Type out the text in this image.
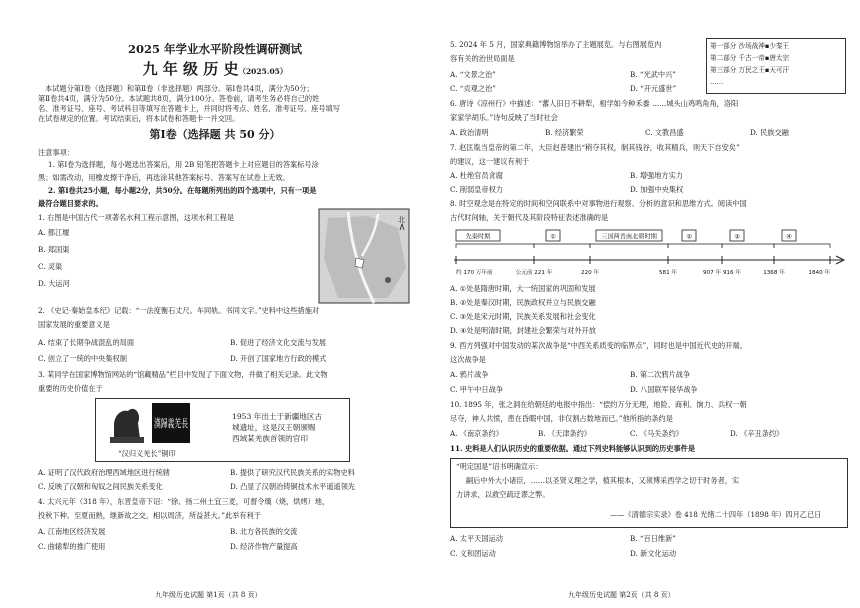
2025 年学业水平阶段性调研测试
九 年 级 历 史（2025.05）
本试题分第Ⅰ卷（选择题）和第Ⅱ卷（非选择题）两部分。第Ⅰ卷共4页，满分为50分；
第Ⅱ卷共4页，满分为50分。本试题共8页，满分100分。答卷前，请考生务必将自己的姓
名、准考证号、座号、考试科目等填写在答题卡上，并同时将考点、姓名、准考证号、座号填写
在试卷规定的位置。考试结束后，将本试卷和答题卡一并交回。
第Ⅰ卷（选择题 共 50 分）
注意事项：
1. 第Ⅰ卷为选择题，每小题选出答案后，用 2B 铅笔把答题卡上对应题目的答案标号涂
黑；如需改动，用橡皮擦干净后，再选涂其他答案标号。答案写在试卷上无效。
2. 第Ⅰ卷共25小题，每小题2分，共50分。在每题所列出的四个选项中，只有一项是
最符合题目要求的。
1. 右图是中国古代一项著名水利工程示意图，这项水利工程是
A. 都江堰
B. 郑国渠
C. 灵渠
D. 大运河
北
2. 《史记·秦始皇本纪》记载：“一法度衡石丈尺。车同轨。书同文字。”史料中这些措施对
国家发展的重要意义是
A. 结束了长期争战混乱的局面	B. 促进了经济文化交流与发展
C. 创立了一统的中央集权制	D. 开创了国家地方行政的模式
3. 某同学在国家博物馆网站的“馆藏精品”栏目中发现了下面文物，并做了相关记录。此文物
重要的历史价值在于
漢歸義羌長
“汉归义羌长”铜印
1953 年出土于新疆地区古
城遗址，这是汉王朝颁赐
西域某羌族首领的官印
A. 证明了汉代政府治理西域地区进行统辖	B. 提供了研究汉代民族关系的实物史料
C. 反映了汉朝和匈奴之间民族关系变化	D. 凸显了汉朝冶铸铜技术水平遥遥领先
4. 太兴元年（318 年），东晋皇帝下诏：“徐、扬二州土宜三麦，可督令熯（烧，烘烤）地，
投秋下种。至夏而熟，继新故之交，相以周济，所益甚大。”此举有利于
A. 江南地区经济发展	B. 北方各民族的交流
C. 曲辕犁的推广使用	D. 经济作物产量提高
九年级历史试题 第1页（共 8 页）
5. 2024 年 5 月，国家典籍博物馆举办了主题展览。与右图展览内
容有关的治世局面是
A. “文景之治”	B. “光武中兴”
C. “贞观之治”	D. “开元盛世”
第一部分 沙场战神▪少秦王
第二部分 千古一帝▪唐太宗
第三部分 万民之王▪天可汗
……
6. 唐诗《凉州行》中描述：“蕃人旧日不耕犁，相学如今种禾黍 ……城头山鸡鸣角角，洛阳
家家学胡乐。”诗句反映了当时社会
A. 政治清明	B. 经济繁荣	C. 文教昌盛	D. 民族交融
7. 赵匡胤当皇帝的第二年，大臣赵普建出“稍夺其权，制其钱谷，收其精兵，则天下自安矣”
的建议，这一建议有利于
A. 杜绝官员贪腐	B. 增强地方实力
C. 削弱皇帝权力	D. 加强中央集权
8. 时空观念是在特定的时间和空间联系中对事物进行观察、分析的意识和思维方式。阅读中国
古代时间轴，关于朝代及其阶段特征表述准确的是
先秦时期	①	三国两晋南北朝时期	②	③	④
约 170 万年前	公元前 221 年	220 年	581 年	907 年 916 年	1368 年	1840 年
A. ①处是隋唐时期，大一统国家的巩固和发展
B. ②处是秦汉时期，民族政权并立与民族交融
C. ③处是宋元时期，民族关系发展和社会变化
D. ④处是明清时期，封建社会繁荣与对外开放
9. 西方列强对中国发动的某次战争是“中西关系质变的临界点”，同时也是中国近代史的开端。
这次战争是
A. 鸦片战争	B. 第二次鸦片战争
C. 甲午中日战争	D. 八国联军侵华战争
10. 1895 年，张之洞在给朝廷的电报中指出：“偿约万分无理，地险、商利、饷力、兵权一朝
尽夺，神人共愤，患在昏暇中国，非仅割占数地而已。”他所指的条约是
A. 《南京条约》	B. 《天津条约》	C. 《马关条约》	D. 《辛丑条约》
11. 史料是人们认识历史的重要依据。通过下列史料能够认识到的历史事件是
“明定国是”诏书明确宣示：
嗣后中外大小诸臣，……以圣贤义理之学，植其根本，又须博采西学之切于时务者，实
力讲求，以救空疏迂谬之弊。
——《清德宗实录》卷 418 光绪二十四年（1898 年）四月乙已日
A. 太平天国运动	B. “百日维新”
C. 义和团运动	D. 新文化运动
九年级历史试题 第2页（共 8 页）
